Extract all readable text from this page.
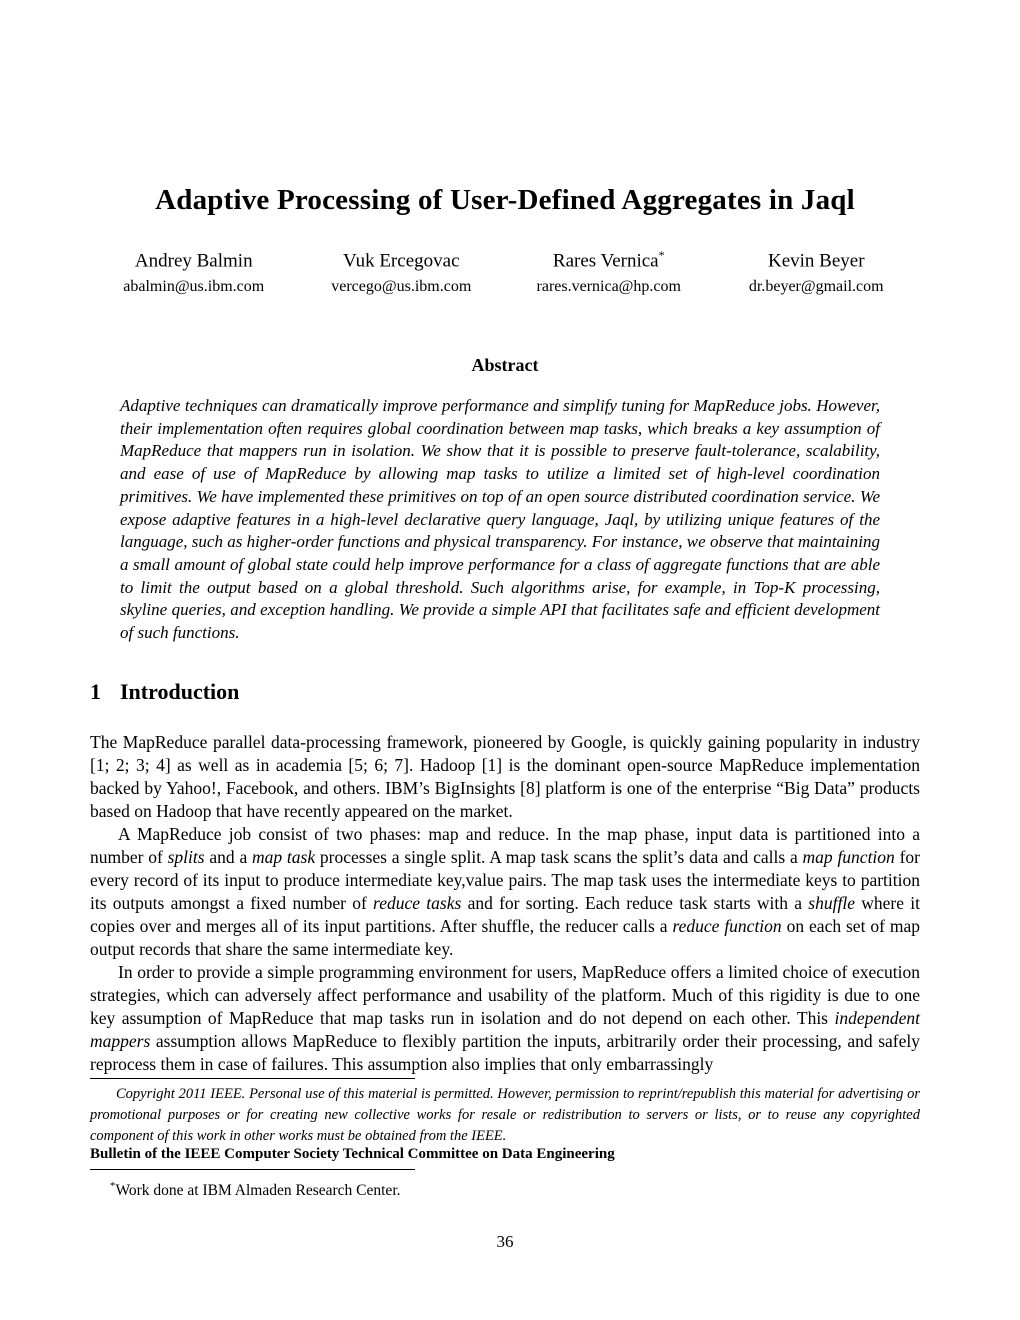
Adaptive Processing of User-Defined Aggregates in Jaql
Andrey Balmin
abalmin@us.ibm.com
Vuk Ercegovac
vercego@us.ibm.com
Rares Vernica*
rares.vernica@hp.com
Kevin Beyer
dr.beyer@gmail.com
Abstract
Adaptive techniques can dramatically improve performance and simplify tuning for MapReduce jobs. However, their implementation often requires global coordination between map tasks, which breaks a key assumption of MapReduce that mappers run in isolation. We show that it is possible to preserve fault-tolerance, scalability, and ease of use of MapReduce by allowing map tasks to utilize a limited set of high-level coordination primitives. We have implemented these primitives on top of an open source distributed coordination service. We expose adaptive features in a high-level declarative query language, Jaql, by utilizing unique features of the language, such as higher-order functions and physical transparency. For instance, we observe that maintaining a small amount of global state could help improve performance for a class of aggregate functions that are able to limit the output based on a global threshold. Such algorithms arise, for example, in Top-K processing, skyline queries, and exception handling. We provide a simple API that facilitates safe and efficient development of such functions.
1 Introduction

The MapReduce parallel data-processing framework, pioneered by Google, is quickly gaining popularity in industry [1; 2; 3; 4] as well as in academia [5; 6; 7]. Hadoop [1] is the dominant open-source MapReduce implementation backed by Yahoo!, Facebook, and others. IBM’s BigInsights [8] platform is one of the enterprise “Big Data” products based on Hadoop that have recently appeared on the market.

A MapReduce job consist of two phases: map and reduce. In the map phase, input data is partitioned into a number of splits and a map task processes a single split. A map task scans the split’s data and calls a map function for every record of its input to produce intermediate key,value pairs. The map task uses the intermediate keys to partition its outputs amongst a fixed number of reduce tasks and for sorting. Each reduce task starts with a shuffle where it copies over and merges all of its input partitions. After shuffle, the reducer calls a reduce function on each set of map output records that share the same intermediate key.

In order to provide a simple programming environment for users, MapReduce offers a limited choice of execution strategies, which can adversely affect performance and usability of the platform. Much of this rigidity is due to one key assumption of MapReduce that map tasks run in isolation and do not depend on each other. This independent mappers assumption allows MapReduce to flexibly partition the inputs, arbitrarily order their processing, and safely reprocess them in case of failures. This assumption also implies that only embarrassingly

Copyright 2011 IEEE. Personal use of this material is permitted. However, permission to reprint/republish this material for advertising or promotional purposes or for creating new collective works for resale or redistribution to servers or lists, or to reuse any copyrighted component of this work in other works must be obtained from the IEEE.
Bulletin of the IEEE Computer Society Technical Committee on Data Engineering
*Work done at IBM Almaden Research Center.
36
